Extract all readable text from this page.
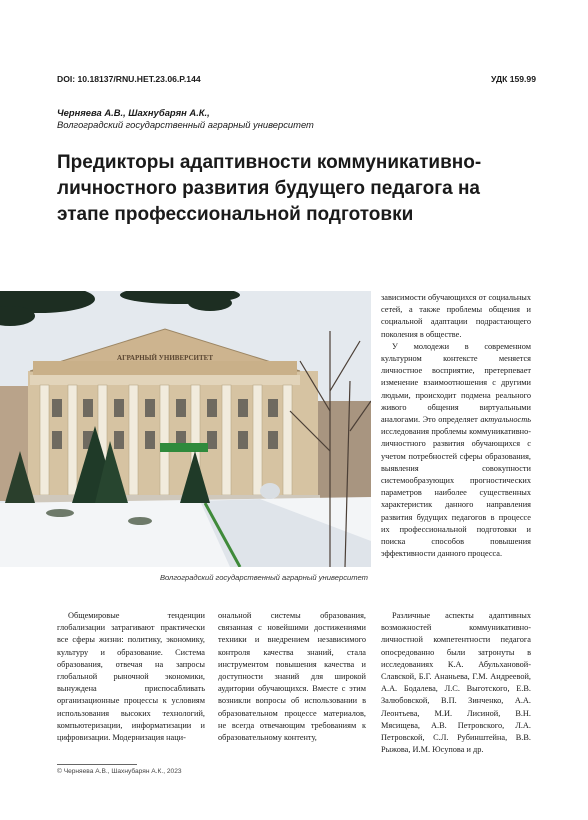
DOI: 10.18137/RNU.HET.23.06.P.144	УДК 159.99
Черняева А.В., Шахнубарян А.К.,
Волгоградский государственный аграрный университет
Предикторы адаптивности коммуникативно-личностного развития будущего педагога на этапе профессиональной подготовки
АГРАРНЫЙ УНИВЕРСИТЕТ
Волгоградский государственный аграрный университет

зависимости обучающихся от социальных сетей, а также проблемы общения и социальной адаптации подрастающего поколения в обществе.

У молодежи в современном культурном контексте меняется личностное восприятие, претерпевает изменение взаимоотношения с другими людьми, происходит подмена реального живого общения виртуальными аналогами. Это определяет актуальность исследования проблемы коммуникативно-личностного развития обучающихся с учетом потребностей сферы образования, выявления совокупности системообразующих прогностических параметров наиболее существенных характеристик данного направления развития будущих педагогов в процессе их профессиональной подготовки и поиска способов повышения эффективности данного процесса.

Общемировые тенденции глобализации затрагивают практически все сферы жизни: политику, экономику, культуру и образование. Система образования, отвечая на запросы глобальной рыночной экономики, вынуждена приспосабливать организационные процессы к условиям использования высоких технологий, компьютеризации, информатизации и цифровизации. Модернизация наци-

ональной системы образования, связанная с новейшими достижениями техники и внедрением независимого контроля качества знаний, стала инструментом повышения качества и доступности знаний для широкой аудитории обучающихся. Вместе с этим возникли вопросы об использовании в образовательном процессе материалов, не всегда отвечающим требованиям к образовательному контенту,

Различные аспекты адаптивных возможностей коммуникативно-личностной компетентности педагога опосредованно были затронуты в исследованиях К.А. Абульхановой-Славской, Б.Г. Ананьева, Г.М. Андреевой, А.А. Бодалева, Л.С. Выготского, Е.В. Залюбовской, В.П. Зинченко, А.А. Леонтьева, М.И. Лисиной, В.Н. Мясищева, А.В. Петровского, Л.А. Петровской, С.Л. Рубинштейна, В.В. Рыжова, И.М. Юсупова и др.

© Черняева А.В., Шахнубарян А.К., 2023
